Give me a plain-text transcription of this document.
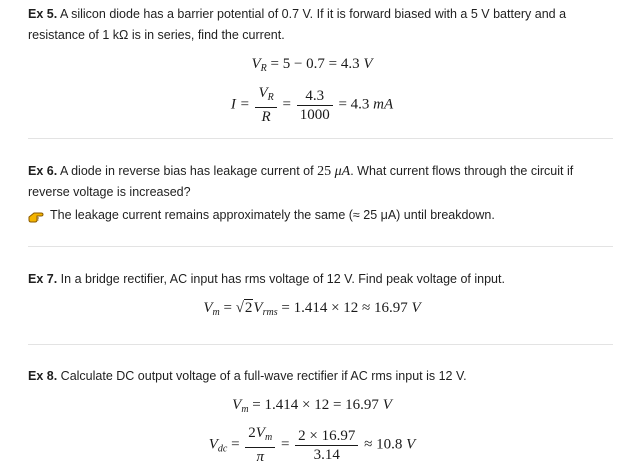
Ex 5. A silicon diode has a barrier potential of 0.7 V. If it is forward biased with a 5 V battery and a resistance of 1 kΩ is in series, find the current.
$V_R = 5 - 0.7 = 4.3$ V
$I = \frac{V_R}{R} = \frac{4.3}{1000} = 4.3$ mA
Ex 6. A diode in reverse bias has leakage current of 25 μA. What current flows through the circuit if reverse voltage is increased?
The leakage current remains approximately the same (≈ 25 μA) until breakdown.
Ex 7. In a bridge rectifier, AC input has rms voltage of 12 V. Find peak voltage of input.
$V_m = √2V_{rms} = 1.414 \times 12 \approx 16.97$ V
Ex 8. Calculate DC output voltage of a full-wave rectifier if AC rms input is 12 V.
$V_m = 1.414 \times 12 = 16.97$ V
$V_{dc} = \frac{2V_m}{\pi} = \frac{2 \times 16.97}{3.14} \approx 10.8$ V
